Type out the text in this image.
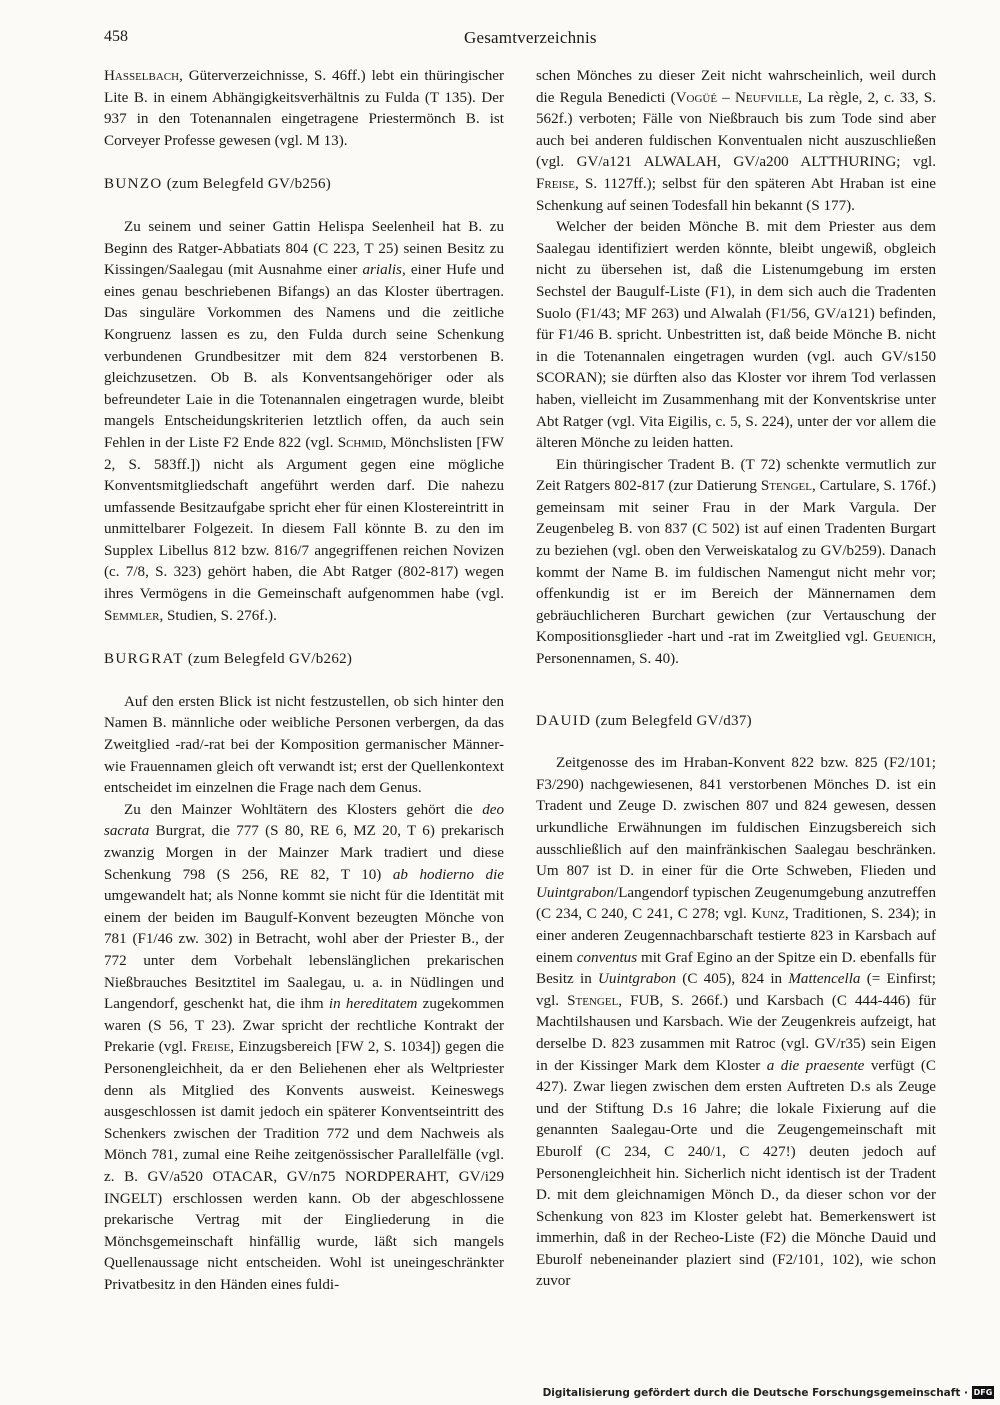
458	Gesamtverzeichnis

Hasselbach, Güterverzeichnisse, S. 46ff.) lebt ein thüringischer Lite B. in einem Abhängigkeitsverhältnis zu Fulda (T 135). Der 937 in den Totenannalen eingetragene Priestermönch B. ist Corveyer Professe gewesen (vgl. M 13).

BUNZO (zum Belegfeld GV/b256)

Zu seinem und seiner Gattin Helispa Seelenheil hat B. zu Beginn des Ratger-Abbatiats 804 (C 223, T 25) seinen Besitz zu Kissingen/Saalegau (mit Ausnahme einer arialis, einer Hufe und eines genau beschriebenen Bifangs) an das Kloster übertragen. Das singuläre Vorkommen des Namens und die zeitliche Kongruenz lassen es zu, den Fulda durch seine Schenkung verbundenen Grundbesitzer mit dem 824 verstorbenen B. gleichzusetzen. Ob B. als Konventsangehöriger oder als befreundeter Laie in die Totenannalen eingetragen wurde, bleibt mangels Entscheidungskriterien letztlich offen, da auch sein Fehlen in der Liste F2 Ende 822 (vgl. Schmid, Mönchslisten [FW 2, S. 583ff.]) nicht als Argument gegen eine mögliche Konventsmitgliedschaft angeführt werden darf. Die nahezu umfassende Besitzaufgabe spricht eher für einen Klostereintritt in unmittelbarer Folgezeit. In diesem Fall könnte B. zu den im Supplex Libellus 812 bzw. 816/7 angegriffenen reichen Novizen (c. 7/8, S. 323) gehört haben, die Abt Ratger (802-817) wegen ihres Vermögens in die Gemeinschaft aufgenommen habe (vgl. Semmler, Studien, S. 276f.).

BURGRAT (zum Belegfeld GV/b262)

Auf den ersten Blick ist nicht festzustellen, ob sich hinter den Namen B. männliche oder weibliche Personen verbergen, da das Zweitglied -rad/-rat bei der Komposition germanischer Männer- wie Frauennamen gleich oft verwandt ist; erst der Quellenkontext entscheidet im einzelnen die Frage nach dem Genus.

Zu den Mainzer Wohltätern des Klosters gehört die deo sacrata Burgrat, die 777 (S 80, RE 6, MZ 20, T 6) prekarisch zwanzig Morgen in der Mainzer Mark tradiert und diese Schenkung 798 (S 256, RE 82, T 10) ab hodierno die umgewandelt hat; als Nonne kommt sie nicht für die Identität mit einem der beiden im Baugulf-Konvent bezeugten Mönche von 781 (F1/46 zw. 302) in Betracht, wohl aber der Priester B., der 772 unter dem Vorbehalt lebenslänglichen prekarischen Nießbrauches Besitztitel im Saalegau, u. a. in Nüdlingen und Langendorf, geschenkt hat, die ihm in hereditatem zugekommen waren (S 56, T 23). Zwar spricht der rechtliche Kontrakt der Prekarie (vgl. Freise, Einzugsbereich [FW 2, S. 1034]) gegen die Personengleichheit, da er den Beliehenen eher als Weltpriester denn als Mitglied des Konvents ausweist. Keineswegs ausgeschlossen ist damit jedoch ein späterer Konventseintritt des Schenkers zwischen der Tradition 772 und dem Nachweis als Mönch 781, zumal eine Reihe zeitgenössischer Parallelfälle (vgl. z. B. GV/a520 OTACAR, GV/n75 NORDPERAHT, GV/i29 INGELT) erschlossen werden kann. Ob der abgeschlossene prekarische Vertrag mit der Eingliederung in die Mönchsgemeinschaft hinfällig wurde, läßt sich mangels Quellenaussage nicht entscheiden. Wohl ist uneingeschränkter Privatbesitz in den Händen eines fuldi-

schen Mönches zu dieser Zeit nicht wahrscheinlich, weil durch die Regula Benedicti (Vogüé – Neufville, La règle, 2, c. 33, S. 562f.) verboten; Fälle von Nießbrauch bis zum Tode sind aber auch bei anderen fuldischen Konventualen nicht auszuschließen (vgl. GV/a121 ALWALAH, GV/a200 ALTTHURING; vgl. Freise, S. 1127ff.); selbst für den späteren Abt Hraban ist eine Schenkung auf seinen Todesfall hin bekannt (S 177).

Welcher der beiden Mönche B. mit dem Priester aus dem Saalegau identifiziert werden könnte, bleibt ungewiß, obgleich nicht zu übersehen ist, daß die Listenumgebung im ersten Sechstel der Baugulf-Liste (F1), in dem sich auch die Tradenten Suolo (F1/43; MF 263) und Alwalah (F1/56, GV/a121) befinden, für F1/46 B. spricht. Unbestritten ist, daß beide Mönche B. nicht in die Totenannalen eingetragen wurden (vgl. auch GV/s150 SCORAN); sie dürften also das Kloster vor ihrem Tod verlassen haben, vielleicht im Zusammenhang mit der Konventskrise unter Abt Ratger (vgl. Vita Eigilis, c. 5, S. 224), unter der vor allem die älteren Mönche zu leiden hatten.

Ein thüringischer Tradent B. (T 72) schenkte vermutlich zur Zeit Ratgers 802-817 (zur Datierung Stengel, Cartulare, S. 176f.) gemeinsam mit seiner Frau in der Mark Vargula. Der Zeugenbeleg B. von 837 (C 502) ist auf einen Tradenten Burgart zu beziehen (vgl. oben den Verweiskatalog zu GV/b259). Danach kommt der Name B. im fuldischen Namengut nicht mehr vor; offenkundig ist er im Bereich der Männernamen dem gebräuchlicheren Burchart gewichen (zur Vertauschung der Kompositionsglieder -hart und -rat im Zweitglied vgl. Geuenich, Personennamen, S. 40).

DAUID (zum Belegfeld GV/d37)

Zeitgenosse des im Hraban-Konvent 822 bzw. 825 (F2/101; F3/290) nachgewiesenen, 841 verstorbenen Mönches D. ist ein Tradent und Zeuge D. zwischen 807 und 824 gewesen, dessen urkundliche Erwähnungen im fuldischen Einzugsbereich sich ausschließlich auf den mainfränkischen Saalegau beschränken. Um 807 ist D. in einer für die Orte Schweben, Flieden und Uuintgrabon/Langendorf typischen Zeugenumgebung anzutreffen (C 234, C 240, C 241, C 278; vgl. Kunz, Traditionen, S. 234); in einer anderen Zeugennachbarschaft testierte 823 in Karsbach auf einem conventus mit Graf Egino an der Spitze ein D. ebenfalls für Besitz in Uuintgrabon (C 405), 824 in Mattencella (= Einfirst; vgl. Stengel, FUB, S. 266f.) und Karsbach (C 444-446) für Machtilshausen und Karsbach. Wie der Zeugenkreis aufzeigt, hat derselbe D. 823 zusammen mit Ratroc (vgl. GV/r35) sein Eigen in der Kissinger Mark dem Kloster a die praesente verfügt (C 427). Zwar liegen zwischen dem ersten Auftreten D.s als Zeuge und der Stiftung D.s 16 Jahre; die lokale Fixierung auf die genannten Saalegau-Orte und die Zeugengemeinschaft mit Eburolf (C 234, C 240/1, C 427!) deuten jedoch auf Personengleichheit hin. Sicherlich nicht identisch ist der Tradent D. mit dem gleichnamigen Mönch D., da dieser schon vor der Schenkung von 823 im Kloster gelebt hat. Bemerkenswert ist immerhin, daß in der Recheo-Liste (F2) die Mönche Dauid und Eburolf nebeneinander plaziert sind (F2/101, 102), wie schon zuvor

Digitalisierung gefördert durch die Deutsche Forschungsgemeinschaft · DFG
